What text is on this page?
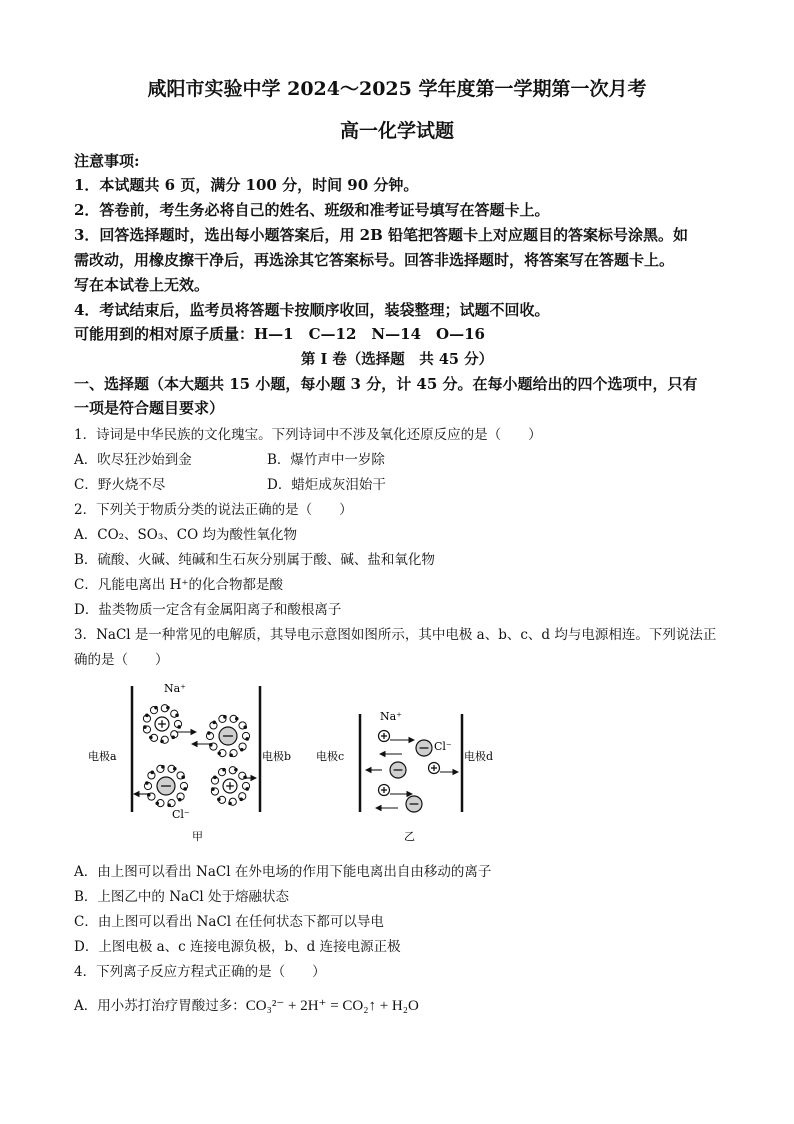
咸阳市实验中学 2024～2025 学年度第一学期第一次月考
高一化学试题
注意事项:
1．本试题共 6 页，满分 100 分，时间 90 分钟。
2．答卷前，考生务必将自己的姓名、班级和准考证号填写在答题卡上。
3．回答选择题时，选出每小题答案后，用 2B 铅笔把答题卡上对应题目的答案标号涂黑。如
需改动，用橡皮擦干净后，再选涂其它答案标号。回答非选择题时，将答案写在答题卡上。
写在本试卷上无效。
4．考试结束后，监考员将答题卡按顺序收回，装袋整理；试题不回收。
可能用到的相对原子质量：H—1　C—12　N—14　O—16
第 I 卷（选择题　共 45 分）
一、选择题（本大题共 15 小题，每小题 3 分，计 45 分。在每小题给出的四个选项中，只有
一项是符合题目要求）
1．诗词是中华民族的文化瑰宝。下列诗词中不涉及氧化还原反应的是（　　）
A．吹尽狂沙始到金	B．爆竹声中一岁除
C．野火烧不尽	D．蜡炬成灰泪始干
2．下列关于物质分类的说法正确的是（　　）
A．CO₂、SO₃、CO 均为酸性氧化物
B．硫酸、火碱、纯碱和生石灰分别属于酸、碱、盐和氧化物
C．凡能电离出 H⁺的化合物都是酸
D．盐类物质一定含有金属阳离子和酸根离子
3．NaCl 是一种常见的电解质，其导电示意图如图所示，其中电极 a、b、c、d 均与电源相连。下列说法正
确的是（　　）
电极a	电极b
Na⁺
Cl⁻
甲
电极c	电极d
Na⁺
Cl⁻
乙
A．由上图可以看出 NaCl 在外电场的作用下能电离出自由移动的离子
B．上图乙中的 NaCl 处于熔融状态
C．由上图可以看出 NaCl 在任何状态下都可以导电
D．上图电极 a、c 连接电源负极，b、d 连接电源正极
4．下列离子反应方程式正确的是（　　）
A．用小苏打治疗胃酸过多：CO₃²⁻ + 2H⁺ = CO₂↑ + H₂O
